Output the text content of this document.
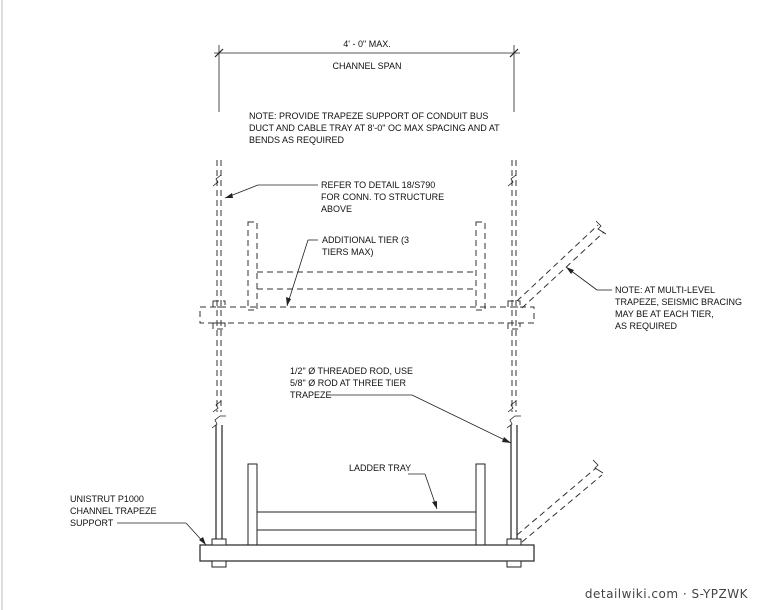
4' - 0" MAX.
CHANNEL SPAN
NOTE: PROVIDE TRAPEZE SUPPORT OF CONDUIT BUS
DUCT AND CABLE TRAY AT 8'-0" OC MAX SPACING AND AT
BENDS AS REQUIRED
REFER TO DETAIL 18/S790
FOR CONN. TO STRUCTURE
ABOVE
ADDITIONAL TIER (3
TIERS MAX)
NOTE: AT MULTI-LEVEL
TRAPEZE, SEISMIC BRACING
MAY BE AT EACH TIER,
AS REQUIRED
1/2" Ø THREADED ROD, USE
5/8" Ø ROD AT THREE TIER
TRAPEZE
LADDER TRAY
UNISTRUT P1000
CHANNEL TRAPEZE
SUPPORT
detailwiki.com · S-YPZWK
